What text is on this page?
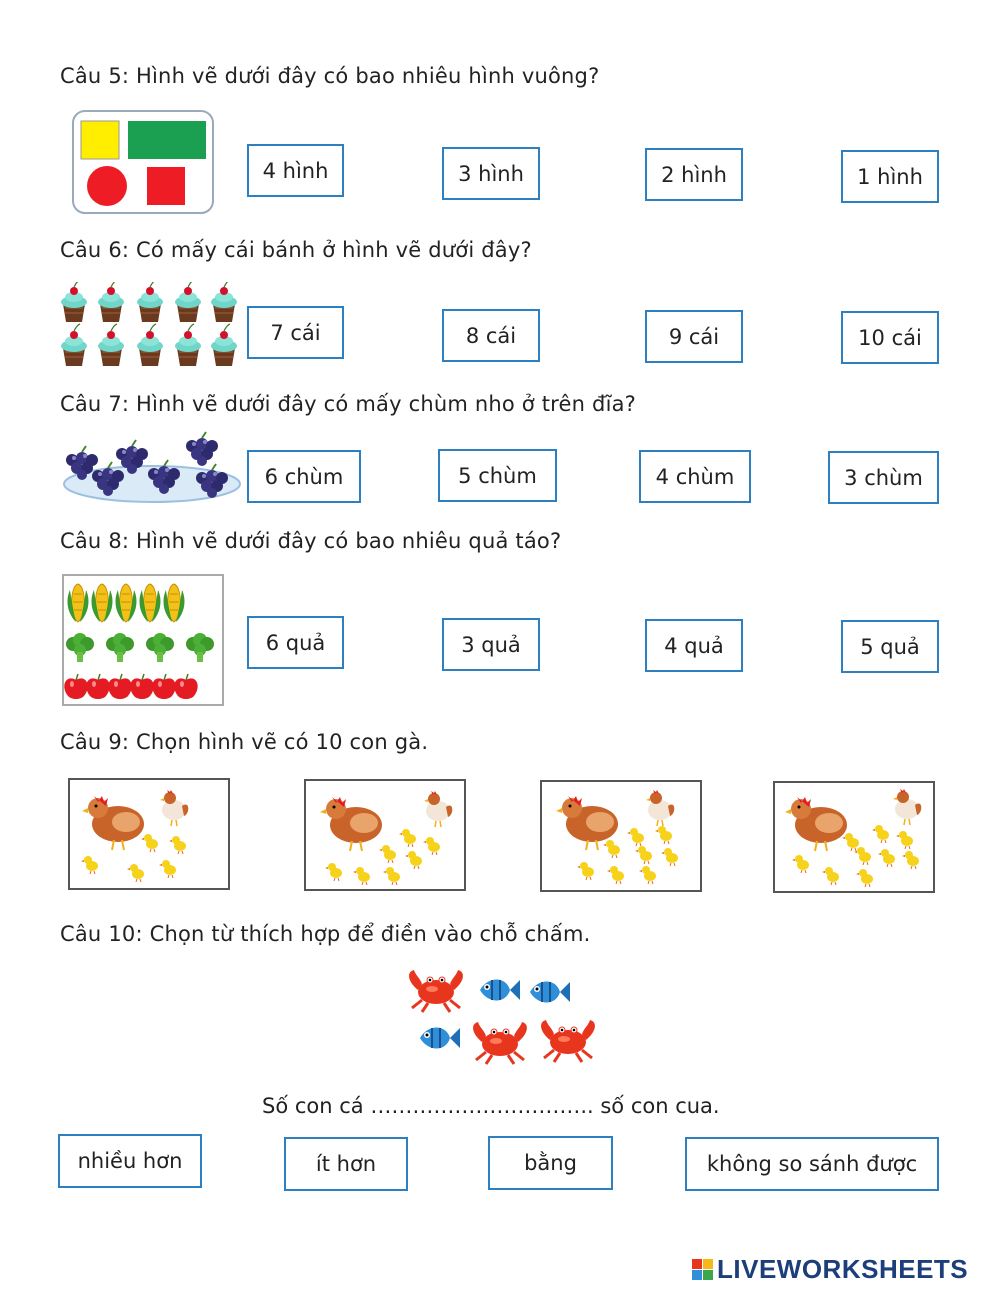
Câu 5: Hình vẽ dưới đây có bao nhiêu hình vuông?
4 hình	3 hình	2 hình	1 hình
Câu 6: Có mấy cái bánh ở hình vẽ dưới đây?
7 cái	8 cái	9 cái	10 cái
Câu 7: Hình vẽ dưới đây có mấy chùm nho ở trên đĩa?
6 chùm	5 chùm	4 chùm	3 chùm
Câu 8: Hình vẽ dưới đây có bao nhiêu quả táo?
6 quả	3 quả	4 quả	5 quả
Câu 9: Chọn hình vẽ có 10 con gà.
Câu 10: Chọn từ thích hợp để điền vào chỗ chấm.
Số con cá ………………………….. số con cua.
nhiều hơn	ít hơn	bằng	không so sánh được
LIVEWORKSHEETS
